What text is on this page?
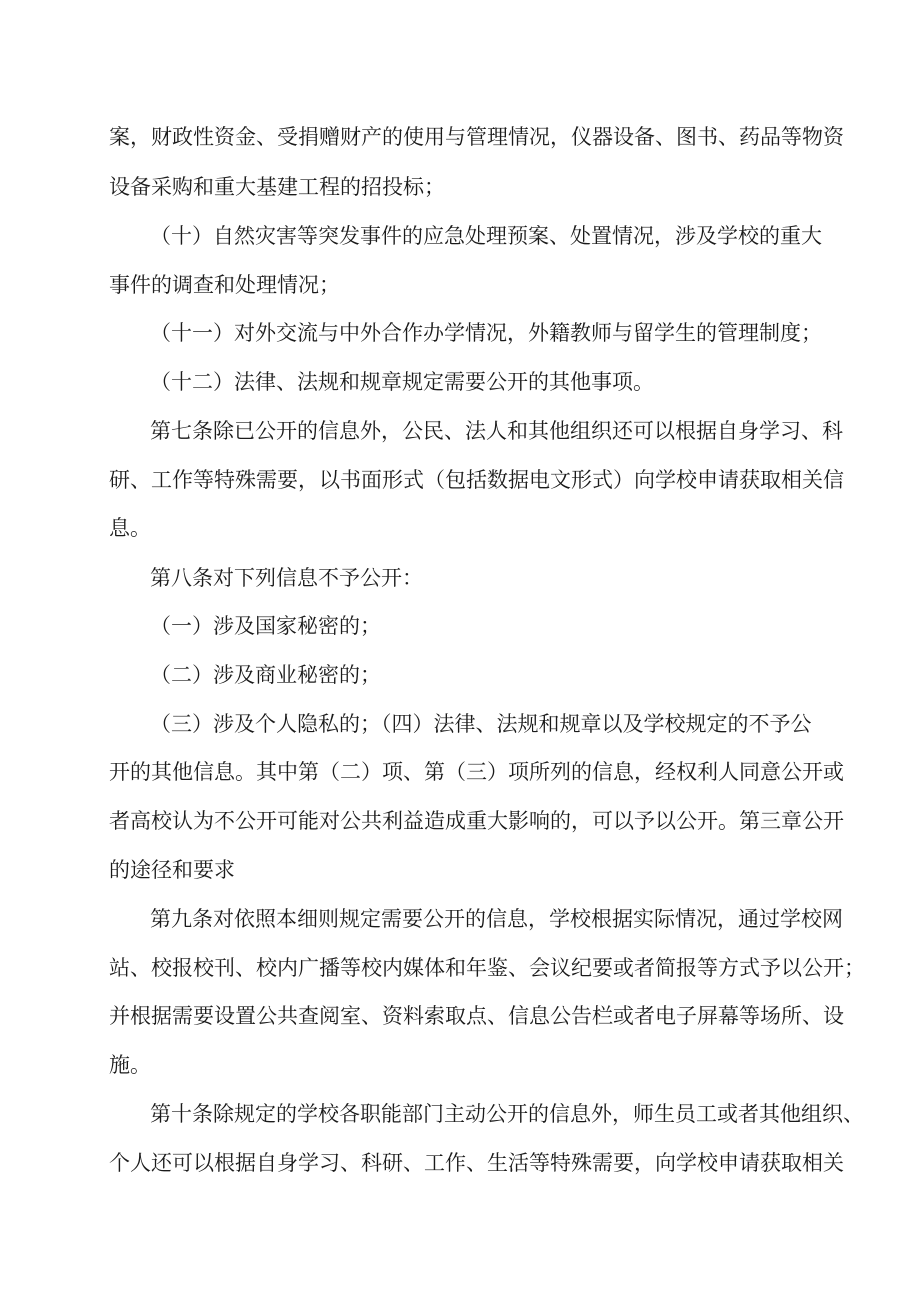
案，财政性资金、受捐赠财产的使用与管理情况，仪器设备、图书、药品等物资
设备采购和重大基建工程的招投标；
（十）自然灾害等突发事件的应急处理预案、处置情况，涉及学校的重大
事件的调查和处理情况；
（十一）对外交流与中外合作办学情况，外籍教师与留学生的管理制度；
（十二）法律、法规和规章规定需要公开的其他事项。
第七条除已公开的信息外，公民、法人和其他组织还可以根据自身学习、科
研、工作等特殊需要，以书面形式（包括数据电文形式）向学校申请获取相关信
息。
第八条对下列信息不予公开：
（一）涉及国家秘密的；
（二）涉及商业秘密的；
（三）涉及个人隐私的；（四）法律、法规和规章以及学校规定的不予公
开的其他信息。其中第（二）项、第（三）项所列的信息，经权利人同意公开或
者高校认为不公开可能对公共利益造成重大影响的，可以予以公开。第三章公开
的途径和要求
第九条对依照本细则规定需要公开的信息，学校根据实际情况，通过学校网
站、校报校刊、校内广播等校内媒体和年鉴、会议纪要或者简报等方式予以公开；
并根据需要设置公共查阅室、资料索取点、信息公告栏或者电子屏幕等场所、设
施。
第十条除规定的学校各职能部门主动公开的信息外，师生员工或者其他组织、
个人还可以根据自身学习、科研、工作、生活等特殊需要，向学校申请获取相关
